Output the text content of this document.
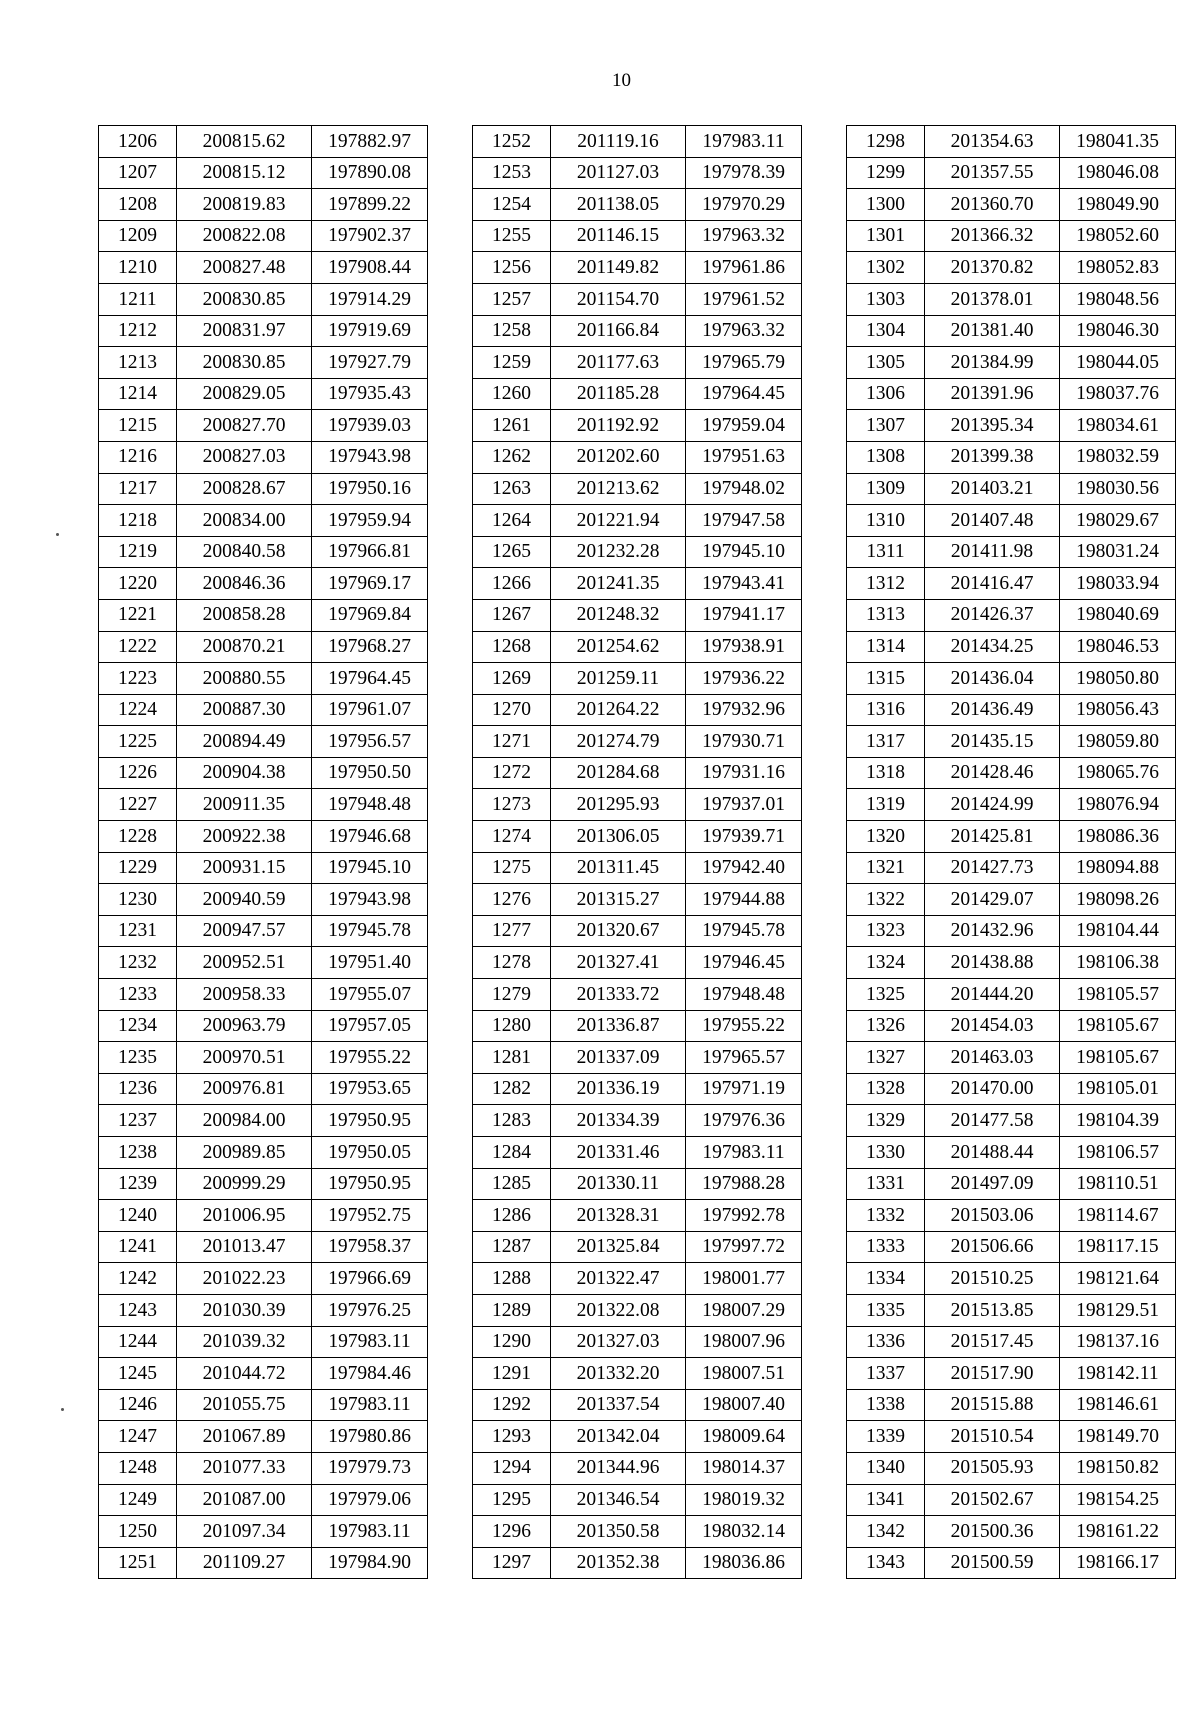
10
1206	200815.62	197882.97
1207	200815.12	197890.08
1208	200819.83	197899.22
1209	200822.08	197902.37
1210	200827.48	197908.44
1211	200830.85	197914.29
1212	200831.97	197919.69
1213	200830.85	197927.79
1214	200829.05	197935.43
1215	200827.70	197939.03
1216	200827.03	197943.98
1217	200828.67	197950.16
1218	200834.00	197959.94
1219	200840.58	197966.81
1220	200846.36	197969.17
1221	200858.28	197969.84
1222	200870.21	197968.27
1223	200880.55	197964.45
1224	200887.30	197961.07
1225	200894.49	197956.57
1226	200904.38	197950.50
1227	200911.35	197948.48
1228	200922.38	197946.68
1229	200931.15	197945.10
1230	200940.59	197943.98
1231	200947.57	197945.78
1232	200952.51	197951.40
1233	200958.33	197955.07
1234	200963.79	197957.05
1235	200970.51	197955.22
1236	200976.81	197953.65
1237	200984.00	197950.95
1238	200989.85	197950.05
1239	200999.29	197950.95
1240	201006.95	197952.75
1241	201013.47	197958.37
1242	201022.23	197966.69
1243	201030.39	197976.25
1244	201039.32	197983.11
1245	201044.72	197984.46
1246	201055.75	197983.11
1247	201067.89	197980.86
1248	201077.33	197979.73
1249	201087.00	197979.06
1250	201097.34	197983.11
1251	201109.27	197984.90
1252	201119.16	197983.11
1253	201127.03	197978.39
1254	201138.05	197970.29
1255	201146.15	197963.32
1256	201149.82	197961.86
1257	201154.70	197961.52
1258	201166.84	197963.32
1259	201177.63	197965.79
1260	201185.28	197964.45
1261	201192.92	197959.04
1262	201202.60	197951.63
1263	201213.62	197948.02
1264	201221.94	197947.58
1265	201232.28	197945.10
1266	201241.35	197943.41
1267	201248.32	197941.17
1268	201254.62	197938.91
1269	201259.11	197936.22
1270	201264.22	197932.96
1271	201274.79	197930.71
1272	201284.68	197931.16
1273	201295.93	197937.01
1274	201306.05	197939.71
1275	201311.45	197942.40
1276	201315.27	197944.88
1277	201320.67	197945.78
1278	201327.41	197946.45
1279	201333.72	197948.48
1280	201336.87	197955.22
1281	201337.09	197965.57
1282	201336.19	197971.19
1283	201334.39	197976.36
1284	201331.46	197983.11
1285	201330.11	197988.28
1286	201328.31	197992.78
1287	201325.84	197997.72
1288	201322.47	198001.77
1289	201322.08	198007.29
1290	201327.03	198007.96
1291	201332.20	198007.51
1292	201337.54	198007.40
1293	201342.04	198009.64
1294	201344.96	198014.37
1295	201346.54	198019.32
1296	201350.58	198032.14
1297	201352.38	198036.86
1298	201354.63	198041.35
1299	201357.55	198046.08
1300	201360.70	198049.90
1301	201366.32	198052.60
1302	201370.82	198052.83
1303	201378.01	198048.56
1304	201381.40	198046.30
1305	201384.99	198044.05
1306	201391.96	198037.76
1307	201395.34	198034.61
1308	201399.38	198032.59
1309	201403.21	198030.56
1310	201407.48	198029.67
1311	201411.98	198031.24
1312	201416.47	198033.94
1313	201426.37	198040.69
1314	201434.25	198046.53
1315	201436.04	198050.80
1316	201436.49	198056.43
1317	201435.15	198059.80
1318	201428.46	198065.76
1319	201424.99	198076.94
1320	201425.81	198086.36
1321	201427.73	198094.88
1322	201429.07	198098.26
1323	201432.96	198104.44
1324	201438.88	198106.38
1325	201444.20	198105.57
1326	201454.03	198105.67
1327	201463.03	198105.67
1328	201470.00	198105.01
1329	201477.58	198104.39
1330	201488.44	198106.57
1331	201497.09	198110.51
1332	201503.06	198114.67
1333	201506.66	198117.15
1334	201510.25	198121.64
1335	201513.85	198129.51
1336	201517.45	198137.16
1337	201517.90	198142.11
1338	201515.88	198146.61
1339	201510.54	198149.70
1340	201505.93	198150.82
1341	201502.67	198154.25
1342	201500.36	198161.22
1343	201500.59	198166.17
